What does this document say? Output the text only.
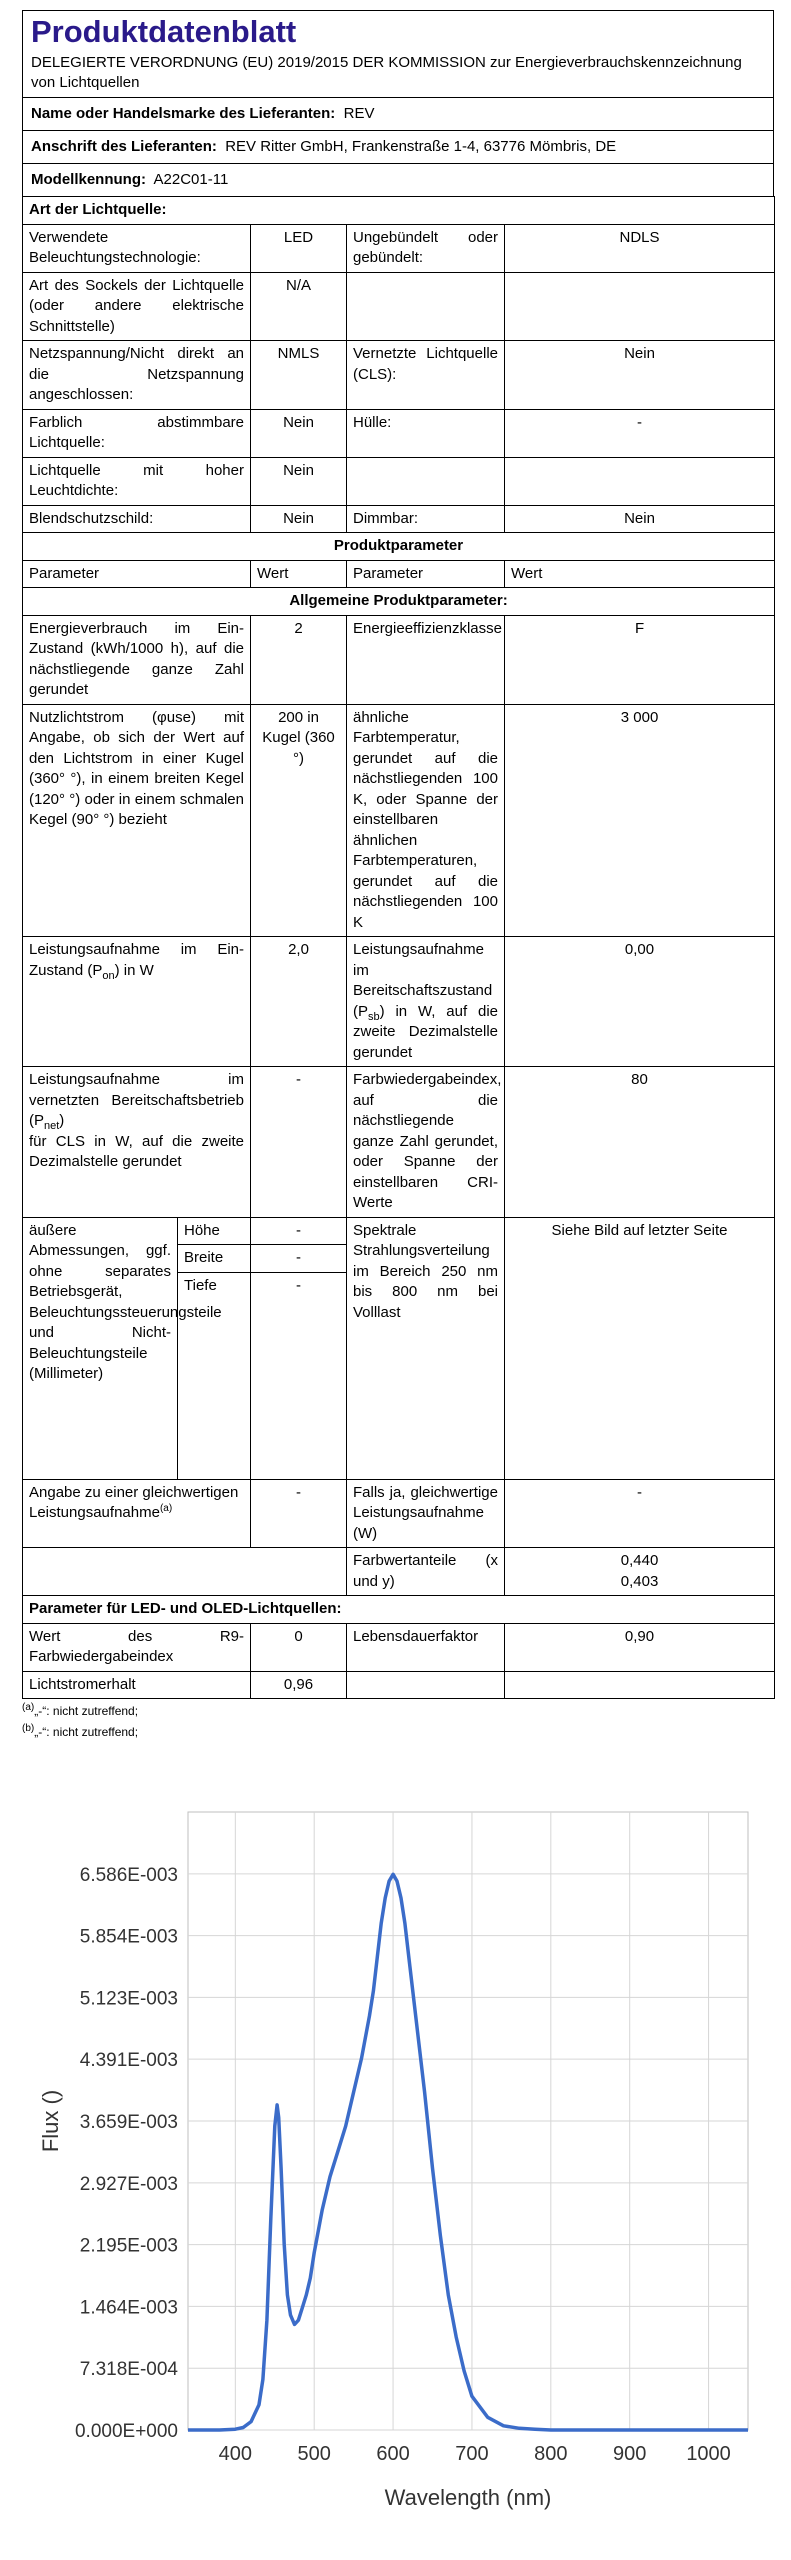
Produktdatenblatt
DELEGIERTE VERORDNUNG (EU) 2019/2015 DER KOMMISSION zur Energieverbrauchskennzeichnung von Lichtquellen
Name oder Handelsmarke des Lieferanten: REV
Anschrift des Lieferanten: REV Ritter GmbH, Frankenstraße 1-4, 63776 Mömbris, DE
Modellkennung: A22C01-11
Art der Lichtquelle:				
Verwendete Beleuchtungstechnologie:		LED	Ungebündelt oder gebündelt:	NDLS
Art des Sockels der Lichtquelle (oder andere elektrische Schnittstelle)		N/A		
Netzspannung/Nicht direkt an die Netzspannung angeschlossen:		NMLS	Vernetzte Lichtquelle (CLS):	Nein
Farblich abstimmbare Lichtquelle:		Nein	Hülle:	-
Lichtquelle mit hoher Leuchtdichte:		Nein		
Blendschutzschild:		Nein	Dimmbar:	Nein
Produktparameter				
Parameter		Wert	Parameter	Wert
Allgemeine Produktparameter:				
Energieverbrauch im Ein-Zustand (kWh/1000 h), auf die nächstliegende ganze Zahl gerundet		2	Energieeffizienzklasse	F
Nutzlichtstrom (φuse) mit Angabe, ob sich der Wert auf den Lichtstrom in einer Kugel (360° °), in einem breiten Kegel (120° °) oder in einem schmalen Kegel (90° °) bezieht		200 in Kugel (360 °)	ähnliche Farbtemperatur, gerundet auf die nächstliegenden 100 K, oder Spanne der einstellbaren ähnlichen Farbtemperaturen, gerundet auf die nächstliegenden 100 K	3 000
Leistungsaufnahme im Ein-Zustand $(P_{on})$ in W		2,0	Leistungsaufnahme im Bereitschaftszustand $(P_{sb})$ in W, auf die zweite Dezimalstelle gerundet	0,00
Leistungsaufnahme im vernetzten Bereitschaftsbetrieb $(P_{net})$
für CLS in W, auf die zweite Dezimalstelle gerundet		-	Farbwiedergabeindex, auf die nächstliegende ganze Zahl gerundet, oder Spanne der einstellbaren CRI-Werte	80
äußere Abmessungen, ggf. ohne separates Betriebsgerät, Beleuchtungssteuerungsteile und Nicht-Beleuchtungsteile (Millimeter)	Höhe	-	Spektrale Strahlungsverteilung im Bereich 250 nm bis 800 nm bei Volllast	Siehe Bild auf letzter Seite
	Breite	-		
	Tiefe	-		
Angabe zu einer gleichwertigen Leistungsaufnahme$^{(a)}$		-	Falls ja, gleichwertige Leistungsaufnahme (W)	-
			Farbwertanteile (x und y)	0,440
0,403
Parameter für LED- und OLED-Lichtquellen:				
Wert des R9-Farbwiedergabeindex		0	Lebensdauerfaktor	0,90
Lichtstromerhalt		0,96		
$^{(a)}$„-“: nicht zutreffend;
$^{(b)}$„-“: nicht zutreffend;
0.000E+000
7.318E-004
1.464E-003
2.195E-003
2.927E-003
3.659E-003
4.391E-003
5.123E-003
5.854E-003
6.586E-003
400 500 600 700 800 900 1000
Wavelength (nm)
Flux ()
